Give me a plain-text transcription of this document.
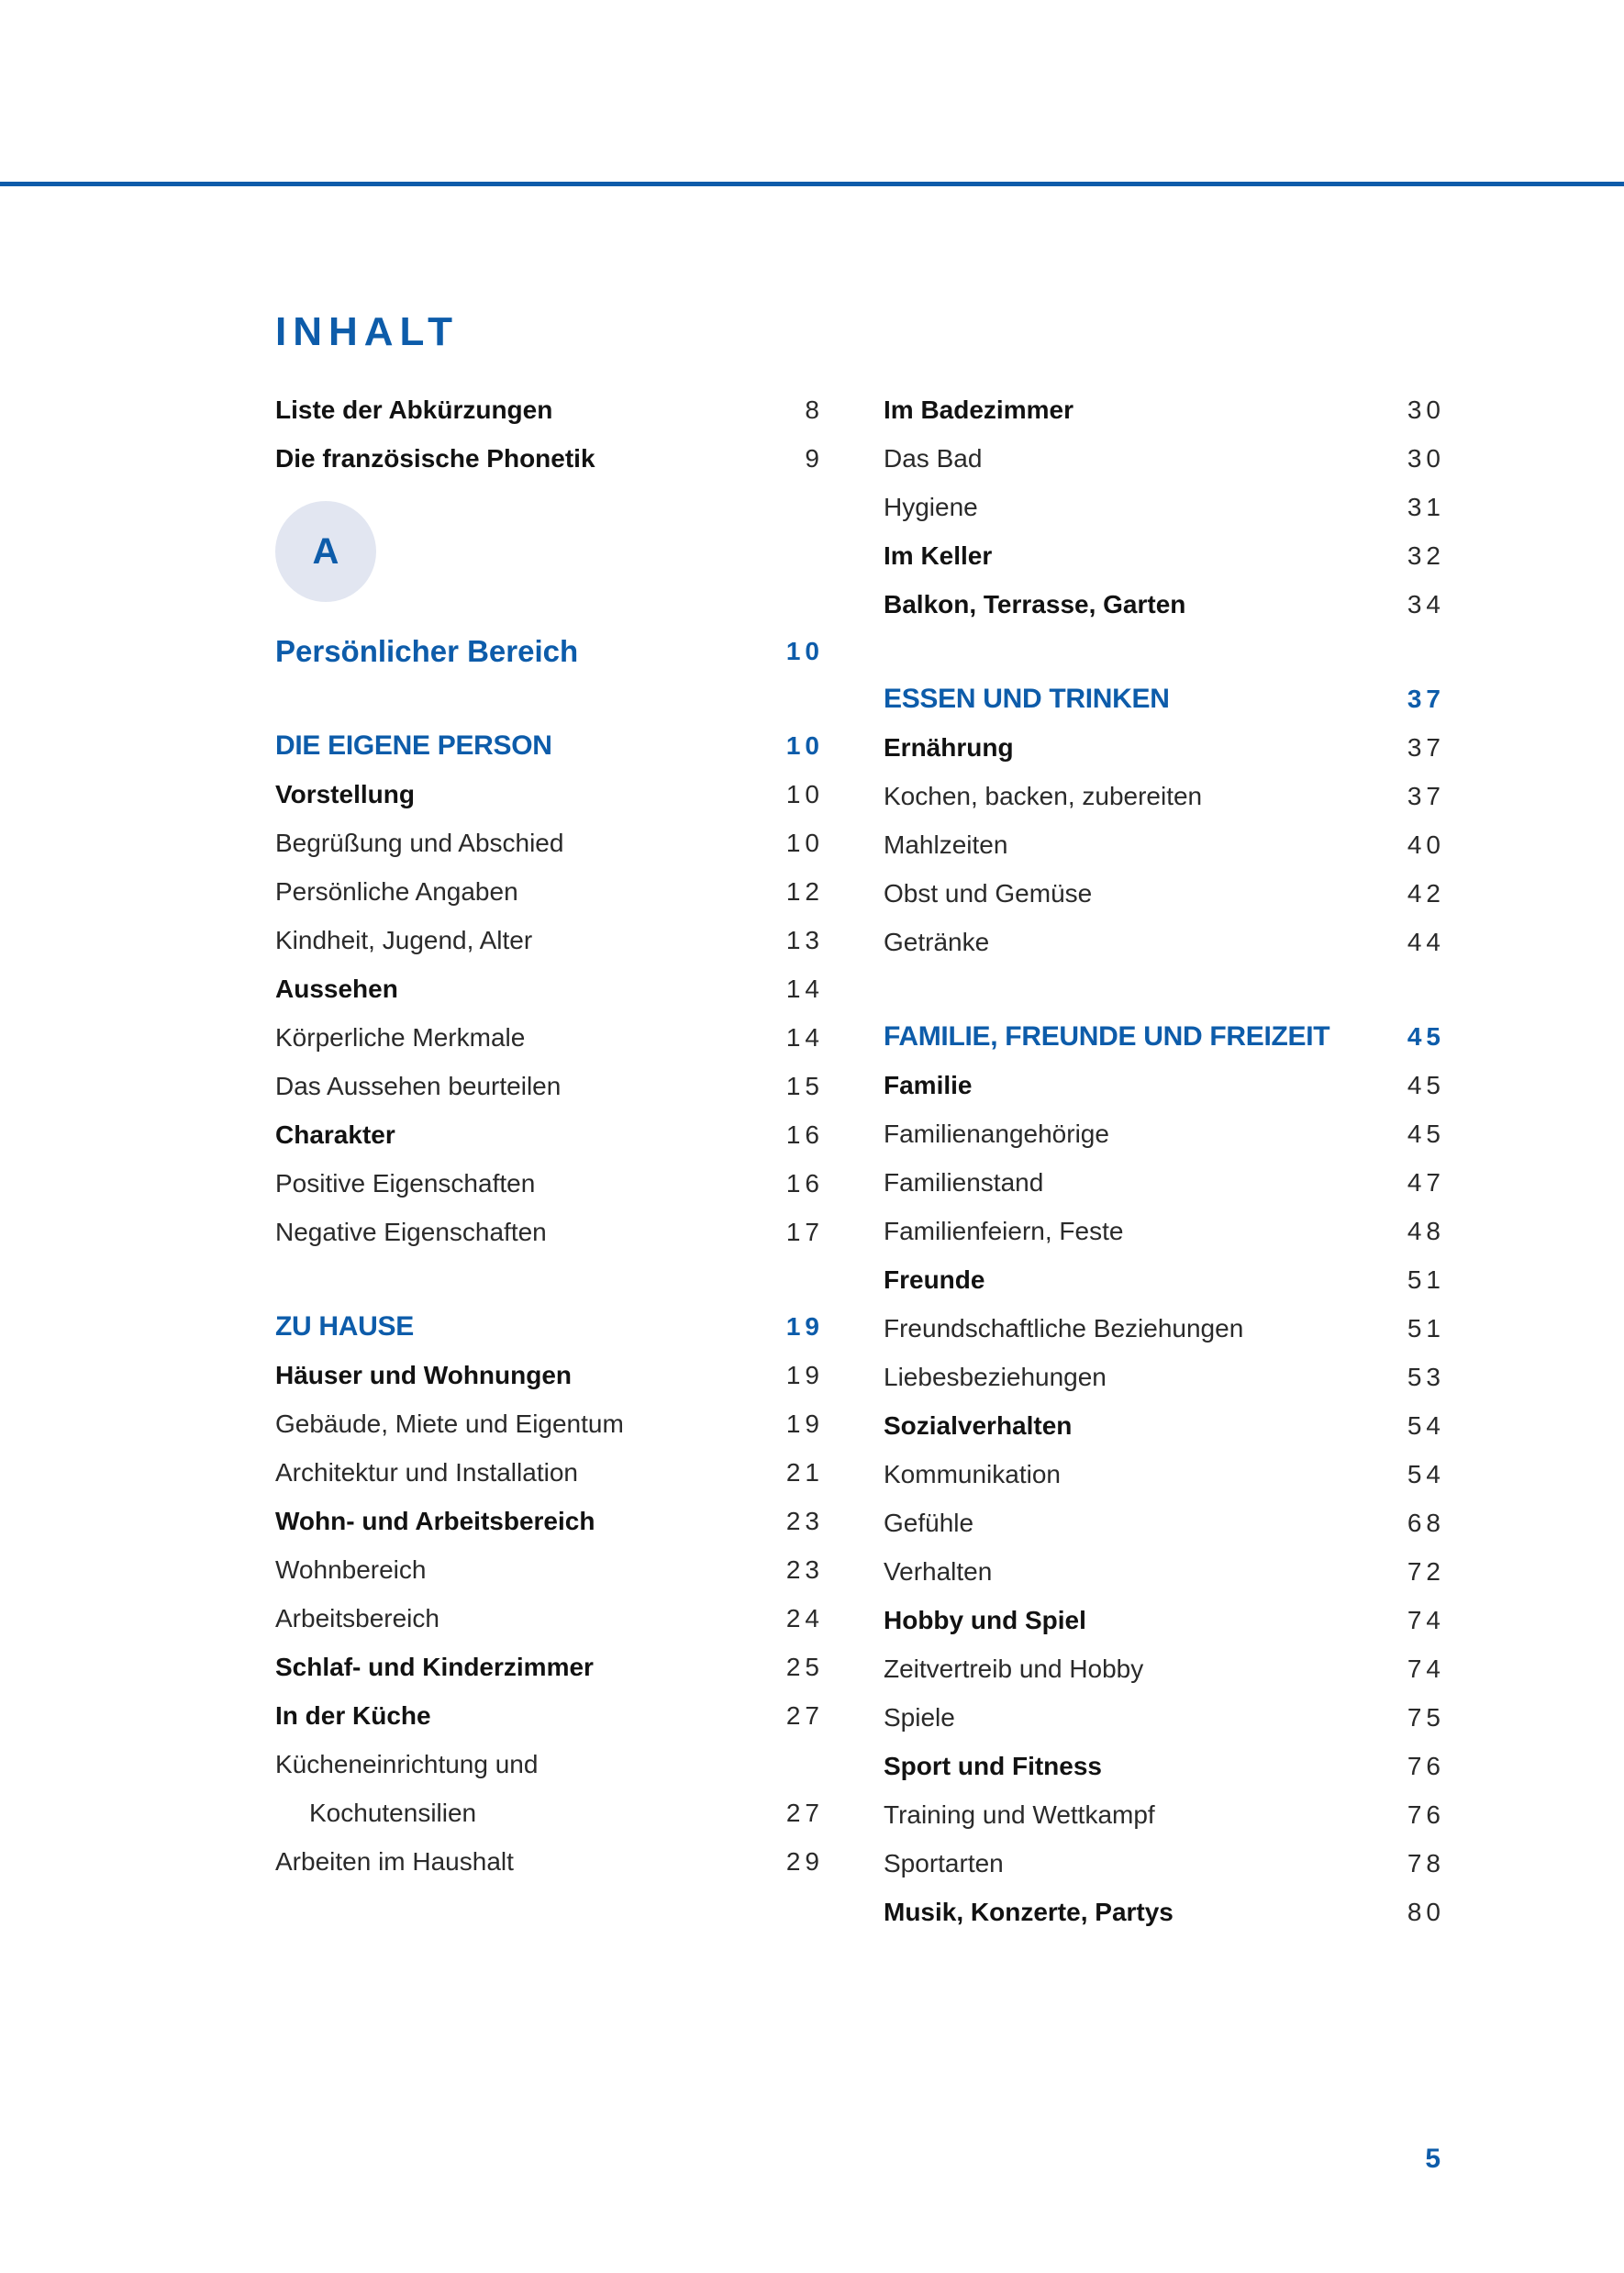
INHALT
Liste der Abkürzungen	8
Die französische Phonetik	9
A
Persönlicher Bereich	10
DIE EIGENE PERSON	10
Vorstellung	10
Begrüßung und Abschied	10
Persönliche Angaben	12
Kindheit, Jugend, Alter	13
Aussehen	14
Körperliche Merkmale	14
Das Aussehen beurteilen	15
Charakter	16
Positive Eigenschaften	16
Negative Eigenschaften	17
ZU HAUSE	19
Häuser und Wohnungen	19
Gebäude, Miete und Eigentum	19
Architektur und Installation	21
Wohn- und Arbeitsbereich	23
Wohnbereich	23
Arbeitsbereich	24
Schlaf- und Kinderzimmer	25
In der Küche	27
Kücheneinrichtung und
Kochutensilien	27
Arbeiten im Haushalt	29
Im Badezimmer	30
Das Bad	30
Hygiene	31
Im Keller	32
Balkon, Terrasse, Garten	34
ESSEN UND TRINKEN	37
Ernährung	37
Kochen, backen, zubereiten	37
Mahlzeiten	40
Obst und Gemüse	42
Getränke	44
FAMILIE, FREUNDE UND FREIZEIT	45
Familie	45
Familienangehörige	45
Familienstand	47
Familienfeiern, Feste	48
Freunde	51
Freundschaftliche Beziehungen	51
Liebesbeziehungen	53
Sozialverhalten	54
Kommunikation	54
Gefühle	68
Verhalten	72
Hobby und Spiel	74
Zeitvertreib und Hobby	74
Spiele	75
Sport und Fitness	76
Training und Wettkampf	76
Sportarten	78
Musik, Konzerte, Partys	80
5
